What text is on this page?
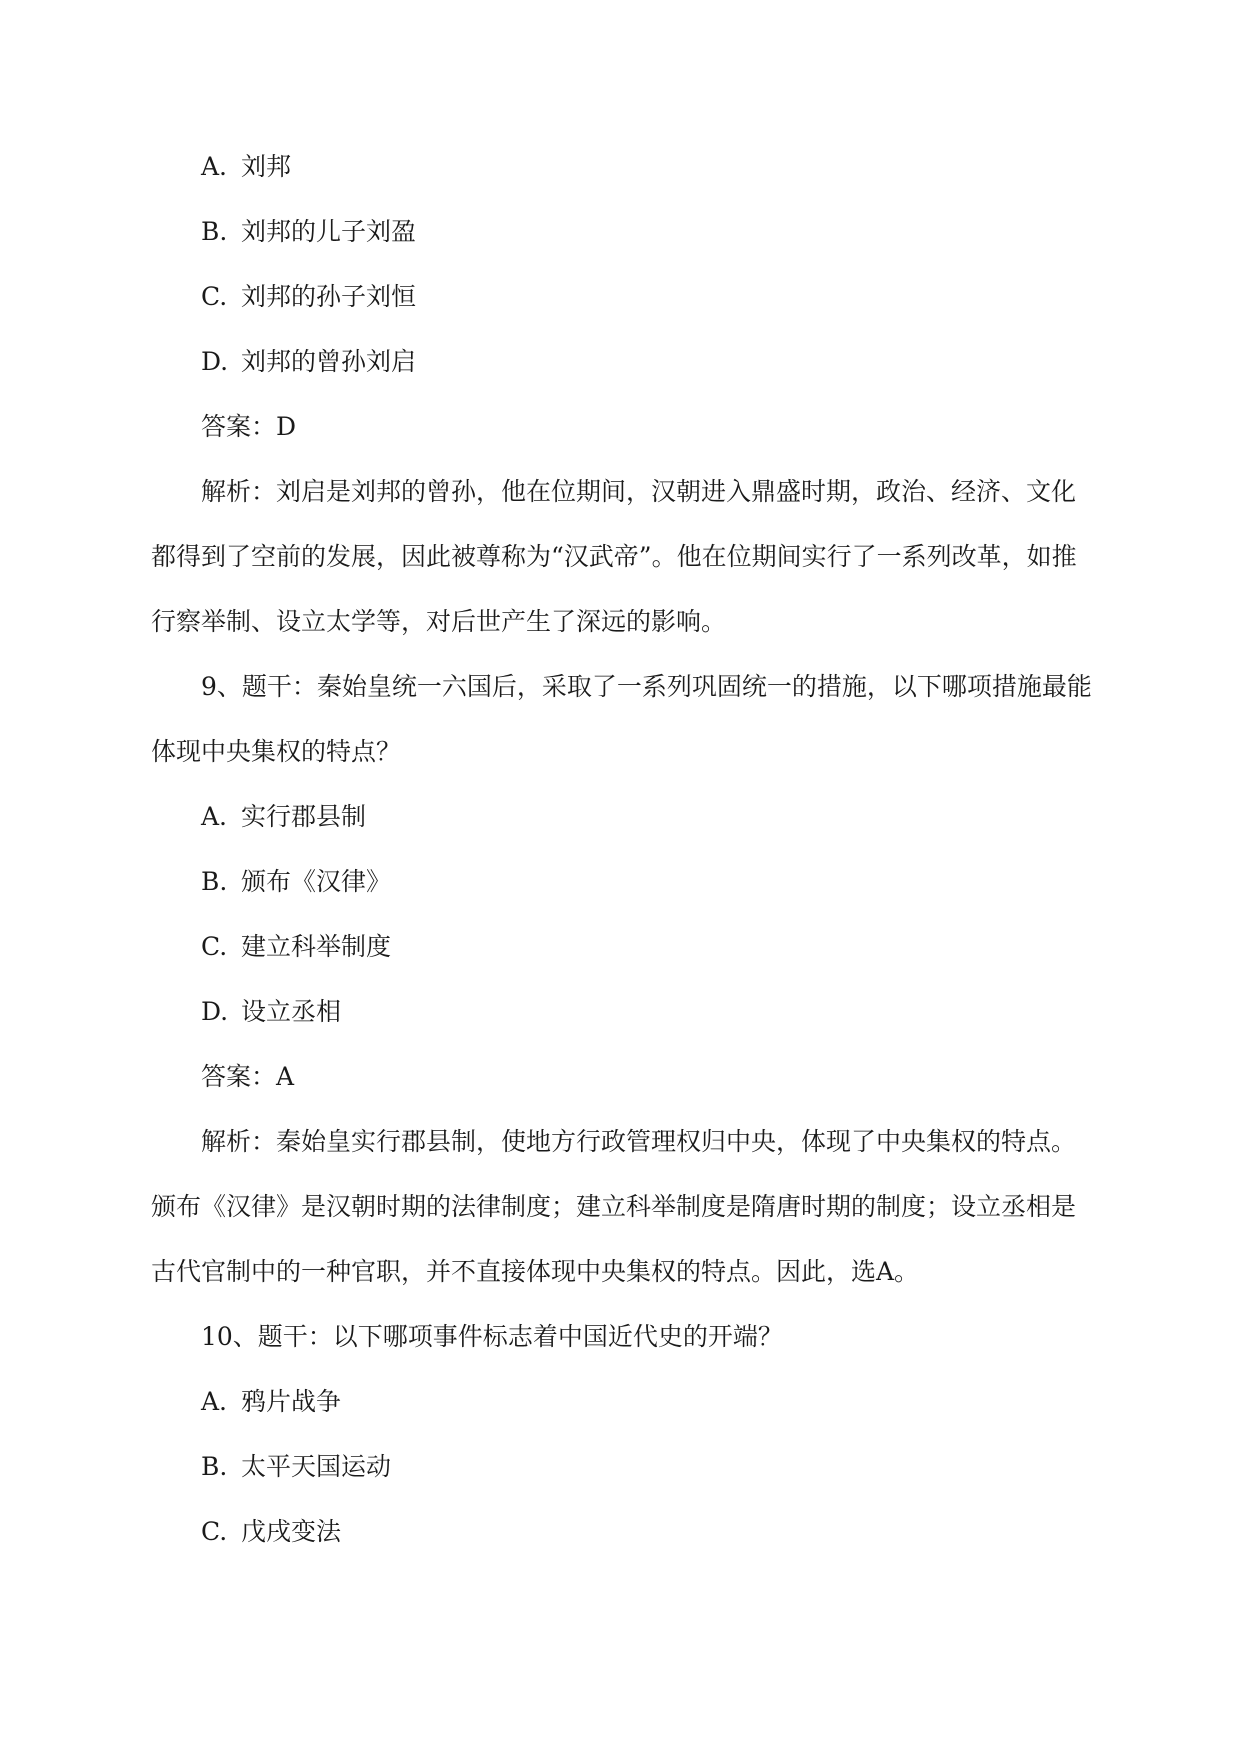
A. 刘邦
B. 刘邦的儿子刘盈
C. 刘邦的孙子刘恒
D. 刘邦的曾孙刘启
答案：D
解析：刘启是刘邦的曾孙，他在位期间，汉朝进入鼎盛时期，政治、经济、文化都得到了空前的发展，因此被尊称为“汉武帝”。他在位期间实行了一系列改革，如推行察举制、设立太学等，对后世产生了深远的影响。
9、题干：秦始皇统一六国后，采取了一系列巩固统一的措施，以下哪项措施最能体现中央集权的特点？
A. 实行郡县制
B. 颁布《汉律》
C. 建立科举制度
D. 设立丞相
答案：A
解析：秦始皇实行郡县制，使地方行政管理权归中央，体现了中央集权的特点。颁布《汉律》是汉朝时期的法律制度；建立科举制度是隋唐时期的制度；设立丞相是古代官制中的一种官职，并不直接体现中央集权的特点。因此，选A。
10、题干：以下哪项事件标志着中国近代史的开端？
A. 鸦片战争
B. 太平天国运动
C. 戊戌变法
